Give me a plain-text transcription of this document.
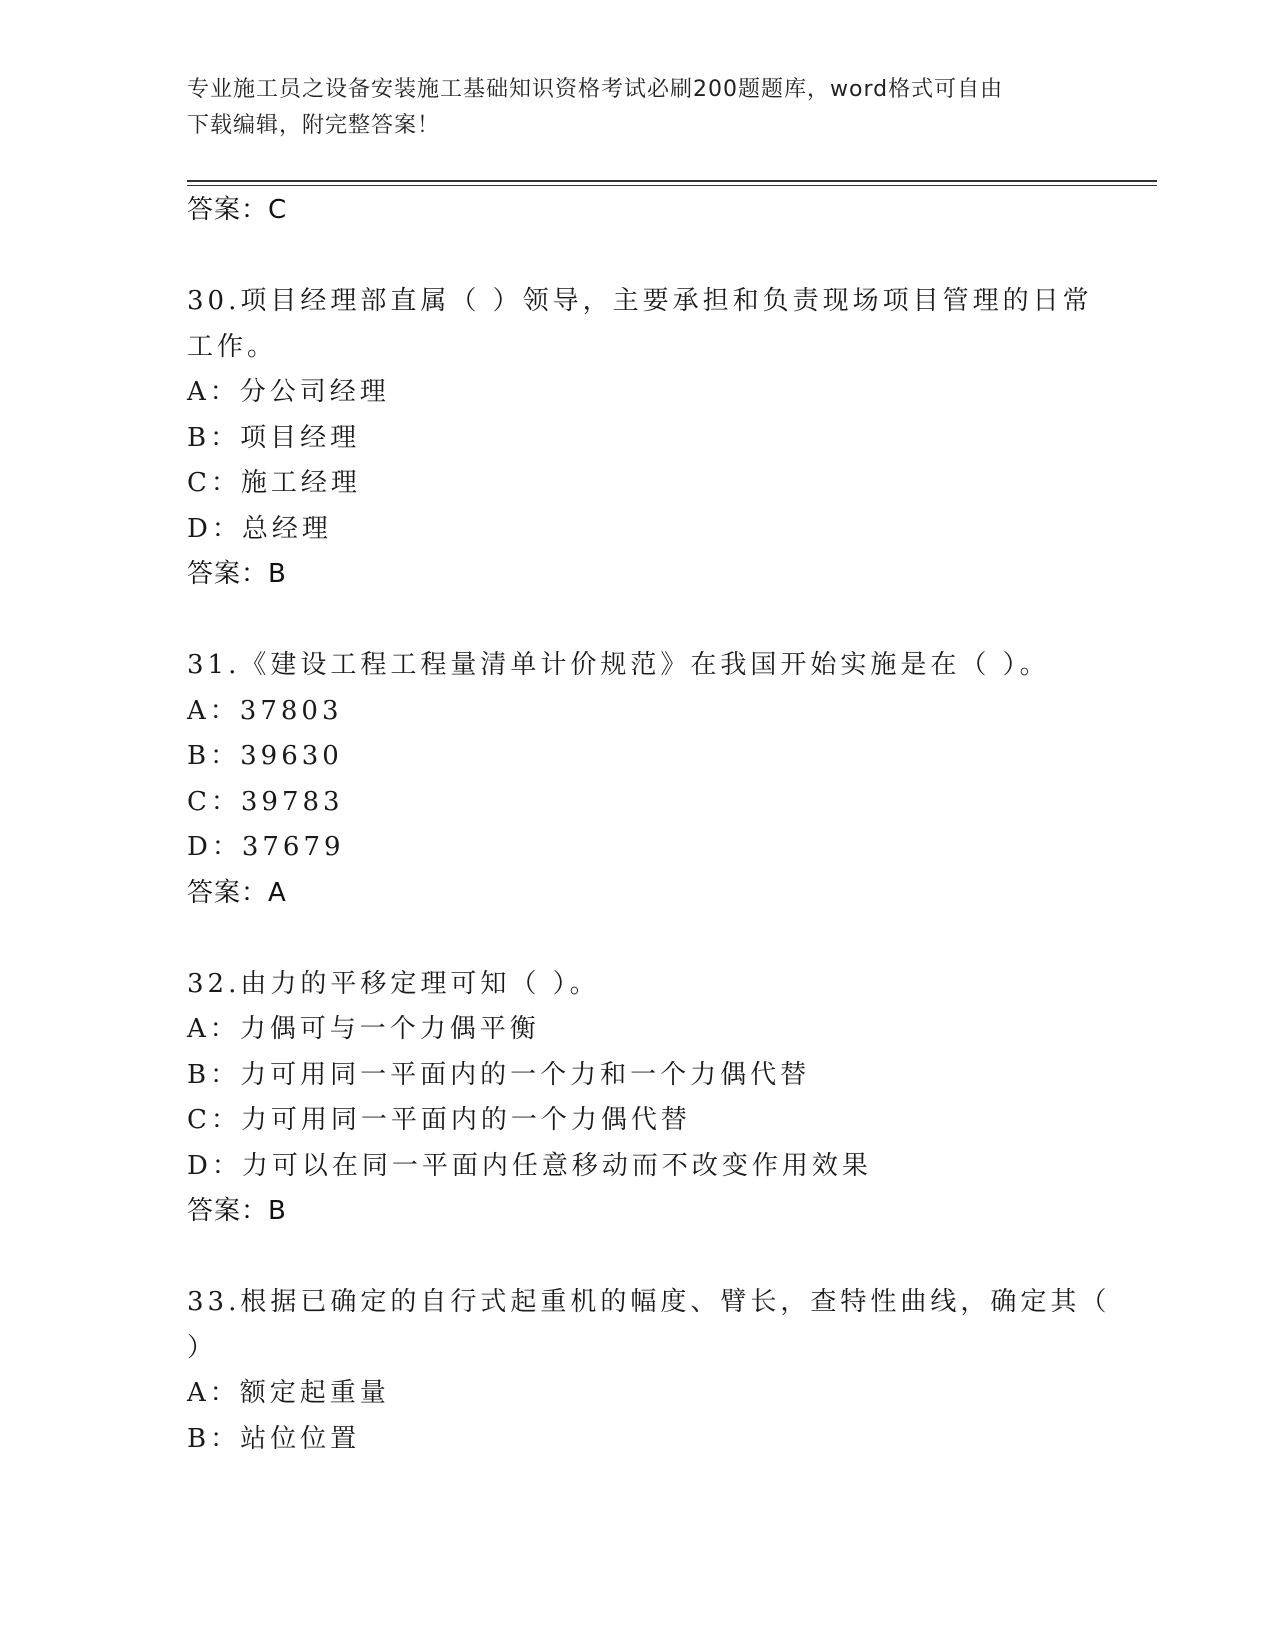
专业施工员之设备安装施工基础知识资格考试必刷200题题库，word格式可自由
下载编辑，附完整答案！
答案：C
30.项目经理部直属（ ）领导，主要承担和负责现场项目管理的日常
工作。
A：分公司经理
B：项目经理
C：施工经理
D：总经理
答案：B
31.《建设工程工程量清单计价规范》在我国开始实施是在（ ）。
A：37803
B：39630
C：39783
D：37679
答案：A
32.由力的平移定理可知（ ）。
A：力偶可与一个力偶平衡
B：力可用同一平面内的一个力和一个力偶代替
C：力可用同一平面内的一个力偶代替
D：力可以在同一平面内任意移动而不改变作用效果
答案：B
33.根据已确定的自行式起重机的幅度、臂长，查特性曲线，确定其（
）
A：额定起重量
B：站位位置
